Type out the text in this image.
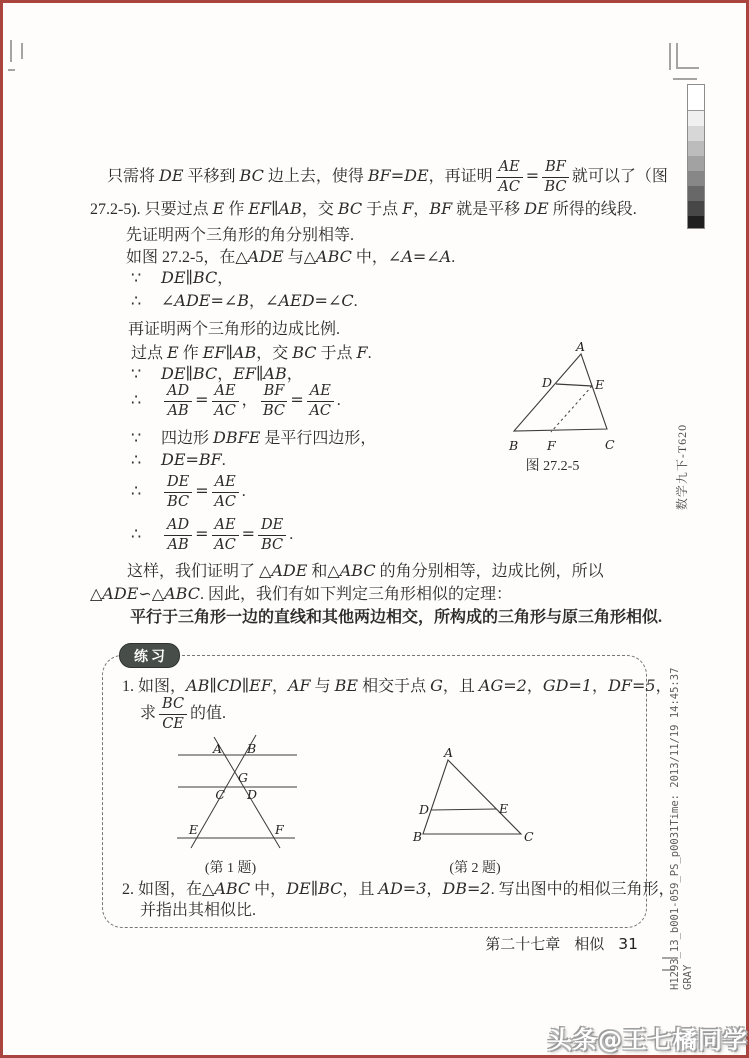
只需将 DE 平移到 BC 边上去，使得 BF=DE，再证明 $\frac{AE}{AC} = \frac{BF}{BC}$ 就可以了（图
27.2-5). 只要过点 E 作 EF∥AB，交 BC 于点 F，BF 就是平移 DE 所得的线段.
先证明两个三角形的角分别相等.
如图 27.2-5，在△ADE 与△ABC 中，∠A=∠A.
∵ DE∥BC，
∴ ∠ADE=∠B，∠AED=∠C.
再证明两个三角形的边成比例.
过点 E 作 EF∥AB，交 BC 于点 F.
∵ DE∥BC，EF∥AB，
∴ $\frac{AD}{AB} = \frac{AE}{AC}$ ， $\frac{BF}{BC} = \frac{AE}{AC}$ .
∵ 四边形 DBFE 是平行四边形，
∴ DE=BF.
∴ $\frac{DE}{BC} = \frac{AE}{AC}$ .
∴ $\frac{AD}{AB} = \frac{AE}{AC} = \frac{DE}{BC}$ .
这样，我们证明了 △ADE 和△ABC 的角分别相等，边成比例，所以
△ADE∽△ABC. 因此，我们有如下判定三角形相似的定理：
平行于三角形一边的直线和其他两边相交，所构成的三角形与原三角形相似.
A
B	C
D	E
F
图 27.2-5
练习
1. 如图，AB∥CD∥EF，AF 与 BE 相交于点 G，且 AG=2，GD=1，DF=5，
求 $\frac{BC}{CE}$ 的值.
A B
G
C D
E	F
(第 1 题)
A
B	C
D	E
(第 2 题)
2. 如图，在△ABC 中，DE∥BC，且 AD=3，DB=2. 写出图中的相似三角形，
并指出其相似比.
第二十七章 相似 31
数学九下-T620
H1293_13_b001-059_PS_p0031Time: 2013/11/19 14:45:37 GRAY
头条@王七橘同学
